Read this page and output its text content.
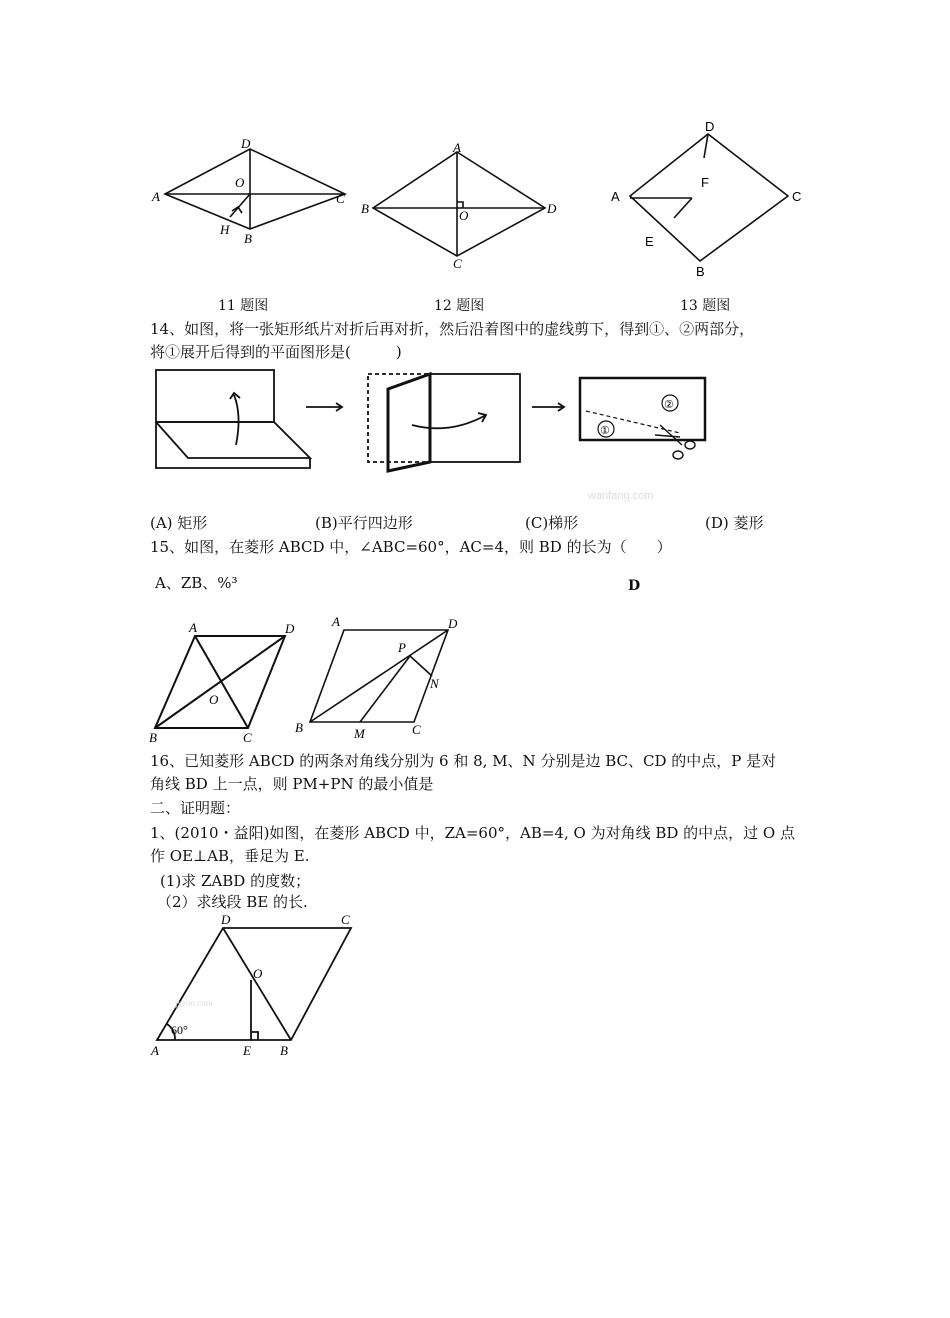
A
B
C
D
O
H
A
B
C
D
O
D
A	C
B
F
E
11 题图	12 题图	13 题图
14、如图，将一张矩形纸片对折后再对折，然后沿着图中的虚线剪下，得到①、②两部分，
将①展开后得到的平面图形是(　　　)
②
①
wanfang.com
(A) 矩形	(B)平行四边形	(C)梯形	(D) 菱形
15、如图，在菱形 ABCD 中，∠ABC=60°，AC=4，则 BD 的长为（　　）
A、ZB、%³	D
A	D
B	C
O
A	D
P
N
B	M	C
16、已知菱形 ABCD 的两条对角线分别为 6 和 8, M、N 分别是边 BC、CD 的中点，P 是对
角线 BD 上一点，则 PM+PN 的最小值是
二、证明题：
1、(2010・益阳)如图，在菱形 ABCD 中，ZA=60°，AB=4, O 为对角线 BD 的中点，过 O 点
作 OE⊥AB，垂足为 E.
(1)求 ZABD 的度数；
（2）求线段 BE 的长.
D	C
O
A	E B
60°
jyeoo.com
